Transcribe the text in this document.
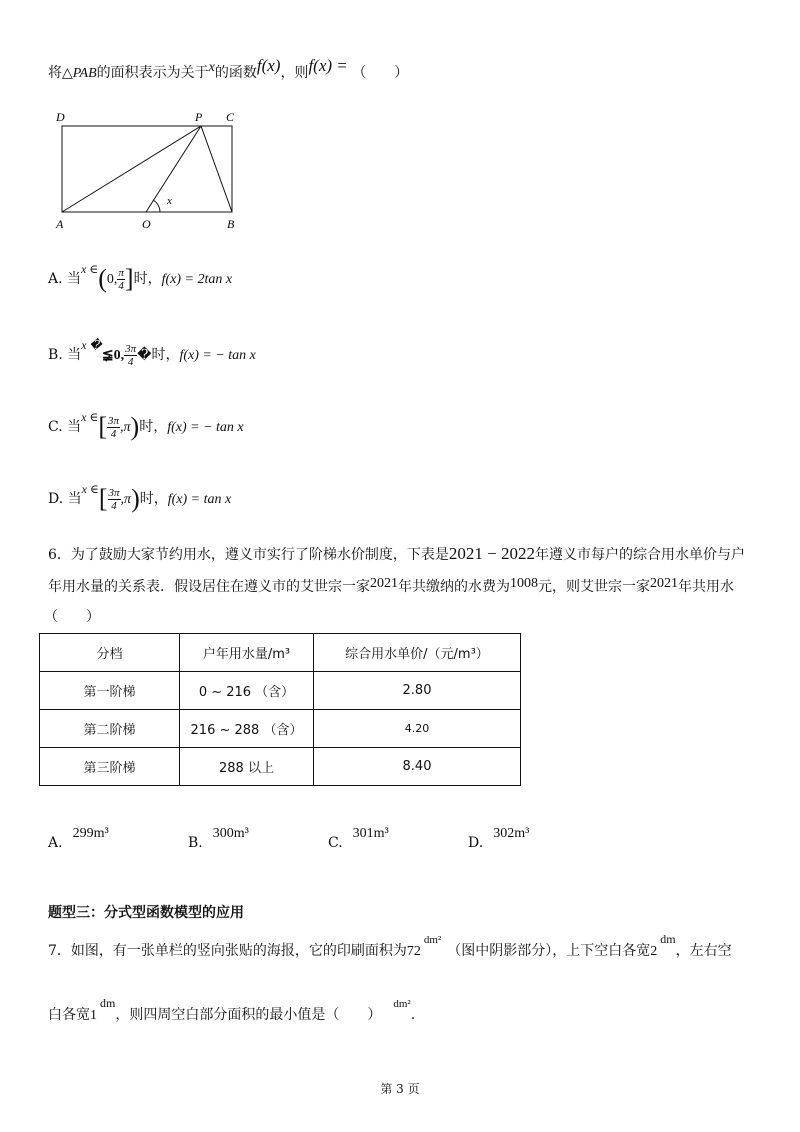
将△PAB的面积表示为关于x的函数f(x)，则f(x) = （　　）
D	P C
A	O	B
x
A. 当x ∈(0, $\frac{\pi}{4}$ ]时，f(x) = 2tan x
B. 当x �≨0, $\frac{3\pi}{4}$ �时，f(x) = − tan x
C. 当x ∈[ $\frac{3\pi}{4} ,\pi$)时，f(x) = − tan x
D. 当x ∈[ $\frac{3\pi}{4} ,\pi$)时，f(x) = tan x
6．为了鼓励大家节约用水，遵义市实行了阶梯水价制度，下表是2021 − 2022年遵义市每户的综合用水单价与户
年用水量的关系表．假设居住在遵义市的艾世宗一家2021年共缴纳的水费为1008元，则艾世宗一家2021年共用水
（　　）
分档	户年用水量/m³	综合用水单价/（元/m³）
第一阶梯	0 ~ 216 （含）	2.80
第二阶梯	216 ~ 288 （含）	4.20
第三阶梯	288 以上	8.40
A.299m³
B.300m³
C.301m³
D.302m³
题型三：分式型函数模型的应用
7．如图，有一张单栏的竖向张贴的海报，它的印刷面积为$72^{dm^2}$（图中阴影部分），上下空白各宽2dm，左右空
白各宽1dm，则四周空白部分面积的最小值是（　　）$^{dm^2}$.
第 3 页
